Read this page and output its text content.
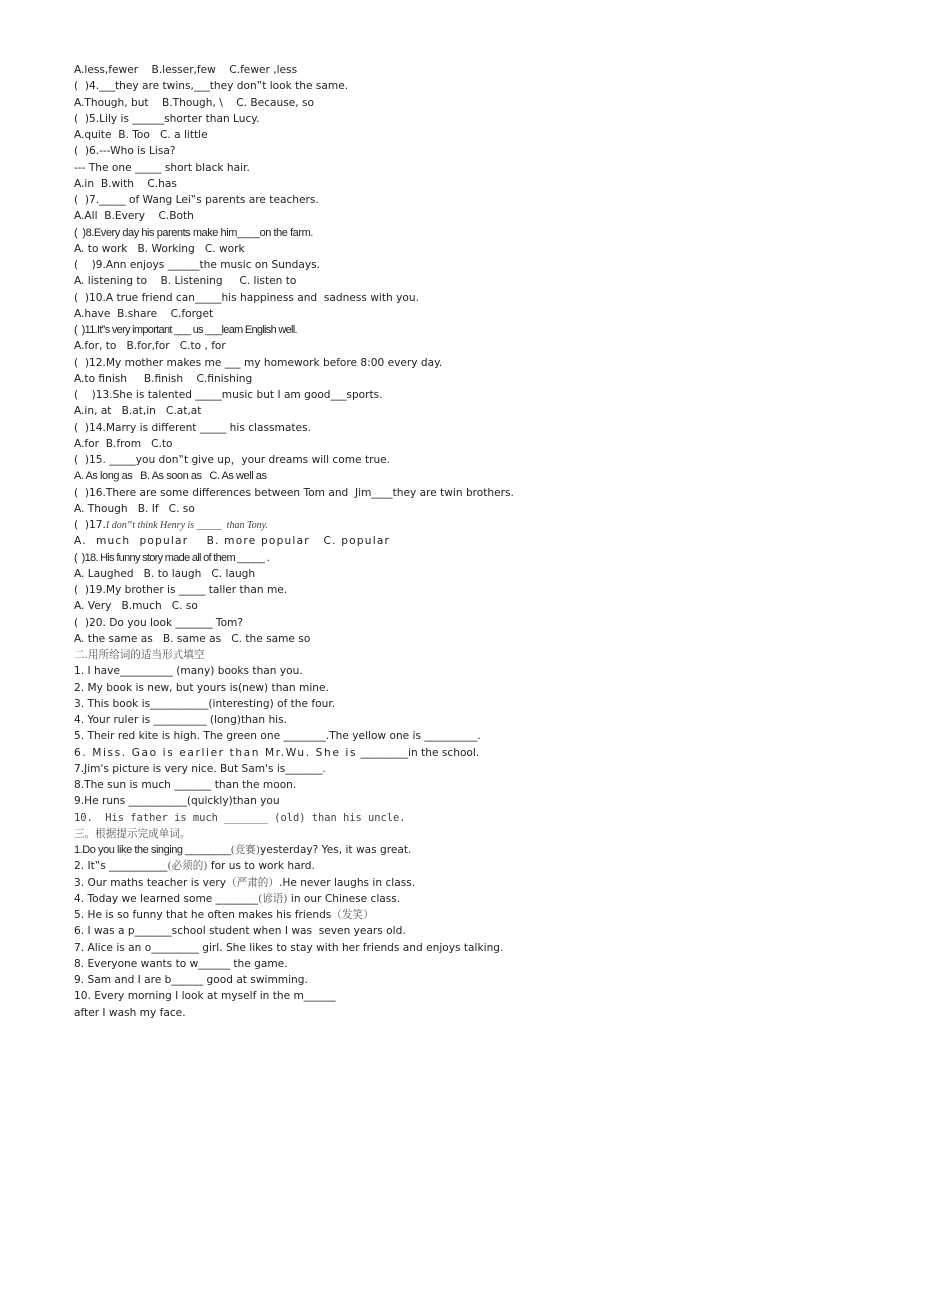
A.less,fewer    B.lesser,few    C.fewer ,less
(  )4.___they are twins,___they don‟t look the same.
A.Though, but    B.Though, \    C. Because, so
(  )5.Lily is ______shorter than Lucy.
A.quite  B. Too   C. a little
(  )6.---Who is Lisa?
--- The one _____ short black hair.
A.in  B.with    C.has
(  )7._____ of Wang Lei‟s parents are teachers.
A.All  B.Every    C.Both
(  )8.Every day his parents make him____on the farm.
A. to work   B. Working   C. work
(    )9.Ann enjoys ______the music on Sundays.
A. listening to    B. Listening     C. listen to
(  )10.A true friend can_____his happiness and  sadness with you.
A.have  B.share    C.forget
(  )11.It‟s very important ___ us ___learn English well.
A.for, to   B.for,for   C.to , for
(  )12.My mother makes me ___ my homework before 8:00 every day.
A.to finish     B.finish    C.finishing
(    )13.She is talented _____music but I am good___sports.
A.in, at   B.at,in   C.at,at
(  )14.Marry is different _____ his classmates.
A.for  B.from   C.to
(  )15. _____you don‟t give up，your dreams will come true.
A. As long as   B. As soon as   C. As well as
(  )16.There are some differences between Tom and  Jim____they are twin brothers.
A. Though   B. If   C. so
(  )17.I don‟t think Henry is _____  than Tony.
A.  much  popular    B. more popular   C. popular
(  )18. His funny story made all of them _____ .
A. Laughed   B. to laugh   C. laugh
(  )19.My brother is _____ taller than me.
A. Very   B.much   C. so
(  )20. Do you look _______ Tom?
A. the same as   B. same as   C. the same so
二.用所给词的适当形式填空
1. I have__________ (many) books than you.
2. My book is new, but yours is(new) than mine.
3. This book is___________(interesting) of the four.
4. Your ruler is __________ (long)than his.
5. Their red kite is high. The green one ________.The yellow one is __________.
6. Miss. Gao is earlier than Mr.Wu. She is _________in the school.
7.Jim's picture is very nice. But Sam's is_______.
8.The sun is much _______ than the moon.
9.He runs ___________(quickly)than you
10.  His father is much _______ (old) than his uncle.
三。根据提示完成单词。
1.Do you like the singing ________(竞赛)yesterday? Yes, it was great.
2. It‟s ___________(必须的) for us to work hard.
3. Our maths teacher is very（严肃的）.He never laughs in class.
4. Today we learned some ________(谚语) in our Chinese class.
5. He is so funny that he often makes his friends（发笑）
6. I was a p_______school student when I was  seven years old.
7. Alice is an o_________ girl. She likes to stay with her friends and enjoys talking.
8. Everyone wants to w______ the game.
9. Sam and I are b______ good at swimming.
10. Every morning I look at myself in the m______
after I wash my face.
